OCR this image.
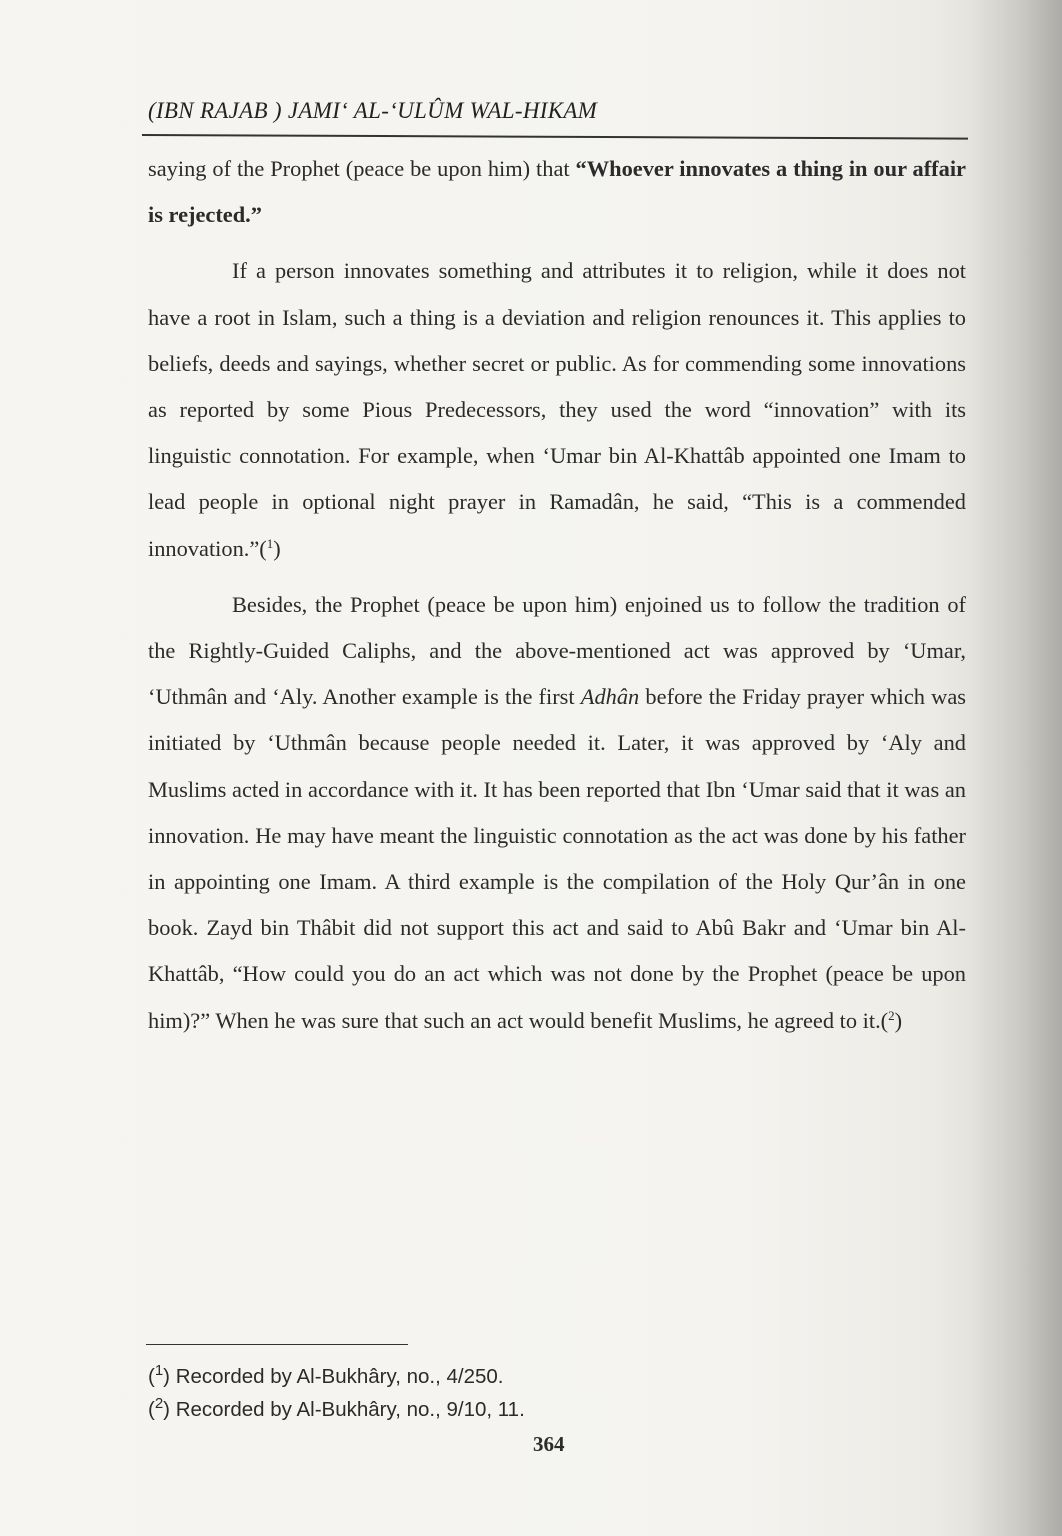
(IBN RAJAB ) JAMI‘ AL-‘ULÛM WAL-HIKAM

saying of the Prophet (peace be upon him) that “Whoever innovates a thing in our affair is rejected.”

If a person innovates something and attributes it to religion, while it does not have a root in Islam, such a thing is a deviation and religion renounces it. This applies to beliefs, deeds and sayings, whether secret or public. As for commending some innovations as reported by some Pious Predecessors, they used the word “innovation” with its linguistic connotation. For example, when ‘Umar bin Al-Khattâb appointed one Imam to lead people in optional night prayer in Ramadân, he said, “This is a commended innovation.”($^1$)

Besides, the Prophet (peace be upon him) enjoined us to follow the tradition of the Rightly-Guided Caliphs, and the above-mentioned act was approved by ‘Umar, ‘Uthmân and ‘Aly. Another example is the first Adhân before the Friday prayer which was initiated by ‘Uthmân because people needed it. Later, it was approved by ‘Aly and Muslims acted in accordance with it. It has been reported that Ibn ‘Umar said that it was an innovation. He may have meant the linguistic connotation as the act was done by his father in appointing one Imam. A third example is the compilation of the Holy Qur’ân in one book. Zayd bin Thâbit did not support this act and said to Abû Bakr and ‘Umar bin Al-Khattâb, “How could you do an act which was not done by the Prophet (peace be upon him)?” When he was sure that such an act would benefit Muslims, he agreed to it.($^2$)

($^1$) Recorded by Al-Bukhâry, no., 4/250.
($^2$) Recorded by Al-Bukhâry, no., 9/10, 11.
364
